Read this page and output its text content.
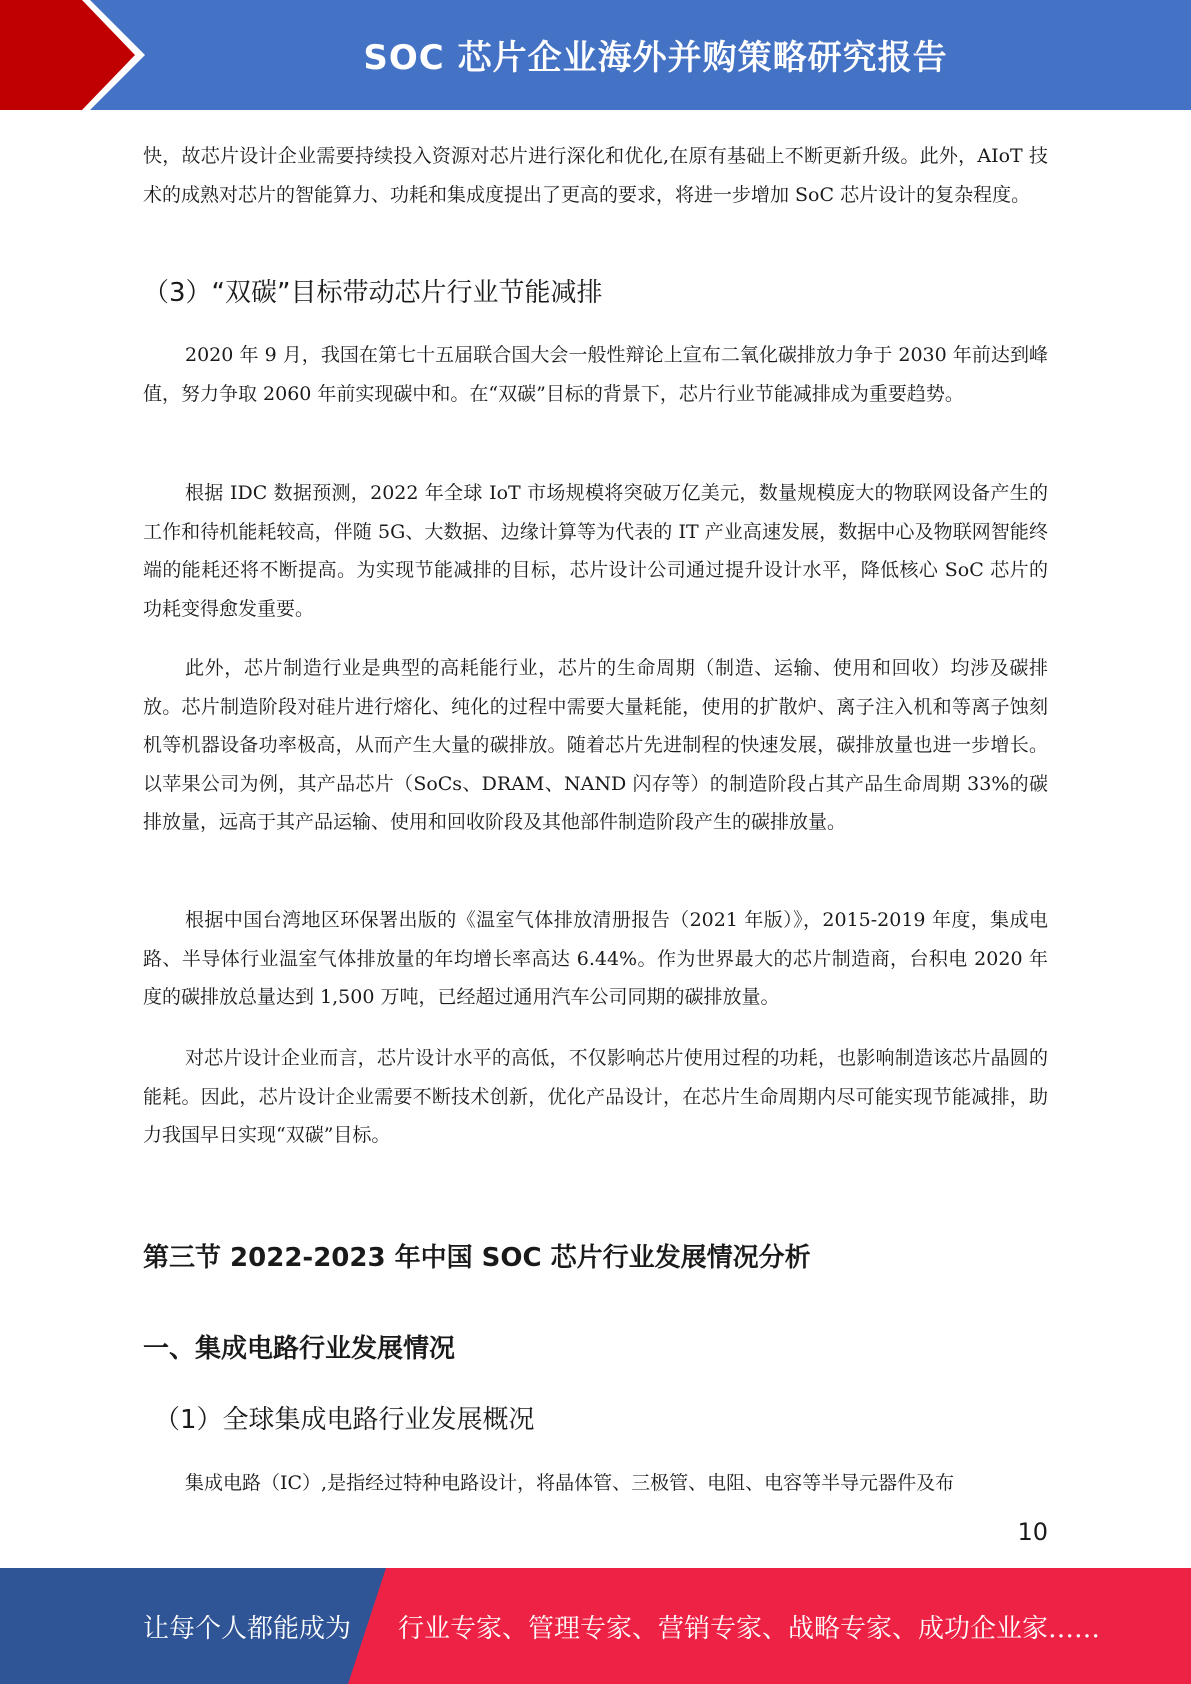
SOC 芯片企业海外并购策略研究报告

快，故芯片设计企业需要持续投入资源对芯片进行深化和优化,在原有基础上不断更新升级。此外，AIoT 技术的成熟对芯片的智能算力、功耗和集成度提出了更高的要求，将进一步增加 SoC 芯片设计的复杂程度。

（3）“双碳”目标带动芯片行业节能减排

2020 年 9 月，我国在第七十五届联合国大会一般性辩论上宣布二氧化碳排放力争于 2030 年前达到峰值，努力争取 2060 年前实现碳中和。在“双碳”目标的背景下，芯片行业节能减排成为重要趋势。

根据 IDC 数据预测，2022 年全球 IoT 市场规模将突破万亿美元，数量规模庞大的物联网设备产生的工作和待机能耗较高，伴随 5G、大数据、边缘计算等为代表的 IT 产业高速发展，数据中心及物联网智能终端的能耗还将不断提高。为实现节能减排的目标，芯片设计公司通过提升设计水平，降低核心 SoC 芯片的功耗变得愈发重要。

此外，芯片制造行业是典型的高耗能行业，芯片的生命周期（制造、运输、使用和回收）均涉及碳排放。芯片制造阶段对硅片进行熔化、纯化的过程中需要大量耗能，使用的扩散炉、离子注入机和等离子蚀刻机等机器设备功率极高，从而产生大量的碳排放。随着芯片先进制程的快速发展，碳排放量也进一步增长。以苹果公司为例，其产品芯片（SoCs、DRAM、NAND 闪存等）的制造阶段占其产品生命周期 33%的碳排放量，远高于其产品运输、使用和回收阶段及其他部件制造阶段产生的碳排放量。

根据中国台湾地区环保署出版的《温室气体排放清册报告（2021 年版）》，2015-2019 年度，集成电路、半导体行业温室气体排放量的年均增长率高达 6.44%。作为世界最大的芯片制造商，台积电 2020 年度的碳排放总量达到 1,500 万吨，已经超过通用汽车公司同期的碳排放量。

对芯片设计企业而言，芯片设计水平的高低，不仅影响芯片使用过程的功耗，也影响制造该芯片晶圆的能耗。因此，芯片设计企业需要不断技术创新，优化产品设计，在芯片生命周期内尽可能实现节能减排，助力我国早日实现“双碳”目标。

第三节 2022-2023 年中国 SOC 芯片行业发展情况分析
一、集成电路行业发展情况
（1）全球集成电路行业发展概况

集成电路（IC）,是指经过特种电路设计，将晶体管、三极管、电阻、电容等半导元器件及布

10
让每个人都能成为 行业专家、管理专家、营销专家、战略专家、成功企业家……
